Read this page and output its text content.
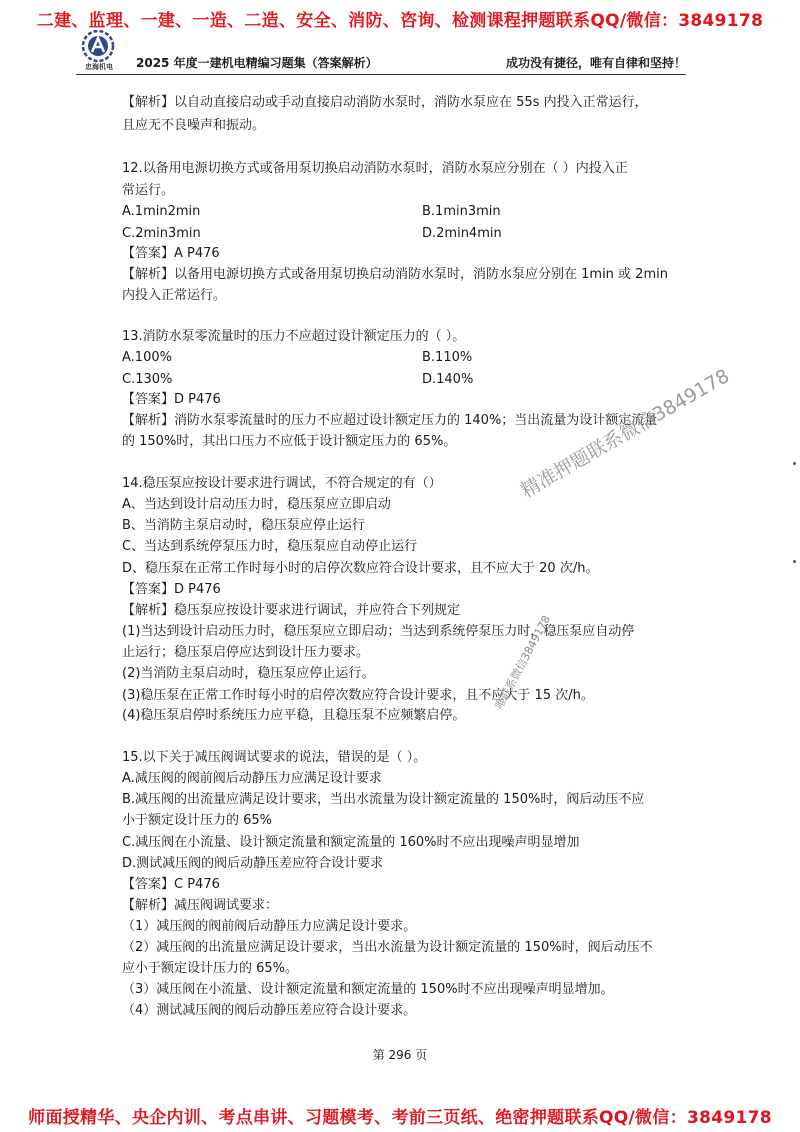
二建、监理、一建、一造、二造、安全、消防、咨询、检测课程押题联系QQ/微信：3849178
忠海机电	2025 年度一建机电精编习题集（答案解析）	成功没有捷径，唯有自律和坚持！
【解析】以自动直接启动或手动直接启动消防水泵时，消防水泵应在 55s 内投入正常运行，
且应无不良噪声和振动。
12.以备用电源切换方式或备用泵切换启动消防水泵时，消防水泵应分别在（ ）内投入正
常运行。
A.1min2min	B.1min3min
C.2min3min	D.2min4min
【答案】A P476
【解析】以备用电源切换方式或备用泵切换启动消防水泵时，消防水泵应分别在 1min 或 2min
内投入正常运行。
13.消防水泵零流量时的压力不应超过设计额定压力的（ ）。
A.100%	B.110%
C.130%	D.140%
【答案】D P476
【解析】消防水泵零流量时的压力不应超过设计额定压力的 140%；当出流量为设计额定流量
的 150%时，其出口压力不应低于设计额定压力的 65%。
14.稳压泵应按设计要求进行调试，不符合规定的有（）
A、当达到设计启动压力时，稳压泵应立即启动
B、当消防主泵启动时，稳压泵应停止运行
C、当达到系统停泵压力时，稳压泵应自动停止运行
D、稳压泵在正常工作时每小时的启停次数应符合设计要求，且不应大于 20 次/h。
【答案】D P476
【解析】稳压泵应按设计要求进行调试，并应符合下列规定
(1)当达到设计启动压力时，稳压泵应立即启动；当达到系统停泵压力时，稳压泵应自动停
止运行；稳压泵启停应达到设计压力要求。
(2)当消防主泵启动时，稳压泵应停止运行。
(3)稳压泵在正常工作时每小时的启停次数应符合设计要求，且不应大于 15 次/h。
(4)稳压泵启停时系统压力应平稳，且稳压泵不应频繁启停。
15.以下关于减压阀调试要求的说法，错误的是（ ）。
A.减压阀的阀前阀后动静压力应满足设计要求
B.减压阀的出流量应满足设计要求，当出水流量为设计额定流量的 150%时，阀后动压不应
小于额定设计压力的 65%
C.减压阀在小流量、设计额定流量和额定流量的 160%时不应出现噪声明显增加
D.测试减压阀的阀后动静压差应符合设计要求
【答案】C P476
【解析】减压阀调试要求：
（1）减压阀的阀前阀后动静压力应满足设计要求。
（2）减压阀的出流量应满足设计要求，当出水流量为设计额定流量的 150%时，阀后动压不
应小于额定设计压力的 65%。
（3）减压阀在小流量、设计额定流量和额定流量的 150%时不应出现噪声明显增加。
（4）测试减压阀的阀后动静压差应符合设计要求。
精准押题联系微信3849178
唯联系微信3849178
第 296 页
师面授精华、央企内训、考点串讲、习题模考、考前三页纸、绝密押题联系QQ/微信：3849178
